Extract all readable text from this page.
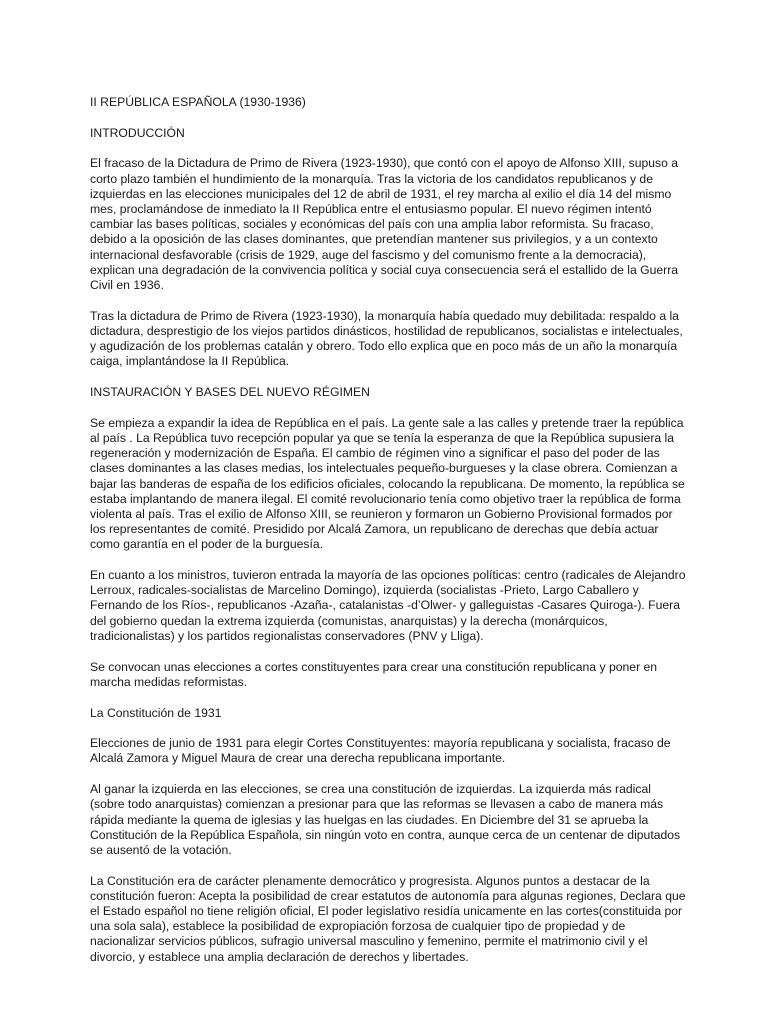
II REPÚBLICA ESPAÑOLA (1930-1936)

INTRODUCCIÓN

El fracaso de la Dictadura de Primo de Rivera (1923-1930), que contó con el apoyo de Alfonso XIII, supuso a corto plazo también el hundimiento de la monarquía. Tras la victoria de los candidatos republicanos y de izquierdas en las elecciones municipales del 12 de abril de 1931, el rey marcha al exilio el día 14 del mismo mes, proclamándose de inmediato la II República entre el entusiasmo popular. El nuevo régimen intentó cambiar las bases políticas, sociales y económicas del país con una amplia labor reformista. Su fracaso, debido a la oposición de las clases dominantes, que pretendían mantener sus privilegios, y a un contexto internacional desfavorable (crisis de 1929, auge del fascismo y del comunismo frente a la democracia), explican una degradación de la convivencia política y social cuya consecuencia será el estallido de la Guerra Civil en 1936.

Tras la dictadura de Primo de Rivera (1923-1930), la monarquía había quedado muy debilitada: respaldo a la dictadura, desprestigio de los viejos partidos dinásticos, hostilidad de republicanos, socialistas e intelectuales, y agudización de los problemas catalán y obrero. Todo ello explica que en poco más de un año la monarquía caiga, implantándose la II República.

INSTAURACIÓN Y BASES DEL NUEVO RÉGIMEN

Se empieza a expandir la idea de República en el país. La gente sale a las calles y pretende traer la república al país . La República tuvo recepción popular ya que se tenía la esperanza de que la República supusiera la regeneración y modernización de España. El cambio de régimen vino a significar el paso del poder de las clases dominantes a las clases medias, los intelectuales pequeño-burgueses y la clase obrera. Comienzan a bajar las banderas de españa de los edificios oficiales, colocando la republicana. De momento, la república se estaba implantando de manera ilegal. El comité revolucionario tenía como objetivo traer la república de forma violenta al país. Tras el exilio de Alfonso XIII, se reunieron y formaron un Gobierno Provisional formados por los representantes de comité. Presidido por Alcalá Zamora, un republicano de derechas que debía actuar como garantía en el poder de la burguesía.

En cuanto a los ministros, tuvieron entrada la mayoría de las opciones políticas: centro (radicales de Alejandro Lerroux, radicales-socialistas de Marcelino Domingo), izquierda (socialistas -Prieto, Largo Caballero y Fernando de los Ríos-, republicanos -Azaña-, catalanistas -d’Olwer- y galleguistas -Casares Quiroga-). Fuera del gobierno quedan la extrema izquierda (comunistas, anarquistas) y la derecha (monárquicos, tradicionalistas) y los partidos regionalistas conservadores (PNV y Lliga).

Se convocan unas elecciones a cortes constituyentes para crear una constitución republicana y poner en marcha medidas reformistas.

La Constitución de 1931

Elecciones de junio de 1931 para elegir Cortes Constituyentes: mayoría republicana y socialista, fracaso de Alcalá Zamora y Miguel Maura de crear una derecha republicana importante.

Al ganar la izquierda en las elecciones, se crea una constitución de izquierdas. La izquierda más radical (sobre todo anarquistas) comienzan a presionar para que las reformas se llevasen a cabo de manera más rápida mediante la quema de iglesias y las huelgas en las ciudades. En Diciembre del 31 se aprueba la Constitución de la República Española, sin ningún voto en contra, aunque cerca de un centenar de diputados se ausentó de la votación.

La Constitución era de carácter plenamente democrático y progresista. Algunos puntos a destacar de la constitución fueron: Acepta la posibilidad de crear estatutos de autonomía para algunas regiones, Declara que el Estado español no tiene religión oficial, El poder legislativo residía unicamente en las cortes(constituida por una sola sala), establece la posibilidad de expropiación forzosa de cualquier tipo de propiedad y de nacionalizar servicios públicos, sufragio universal masculino y femenino, permite el matrimonio civil y el divorcio, y establece una amplia declaración de derechos y libertades.
